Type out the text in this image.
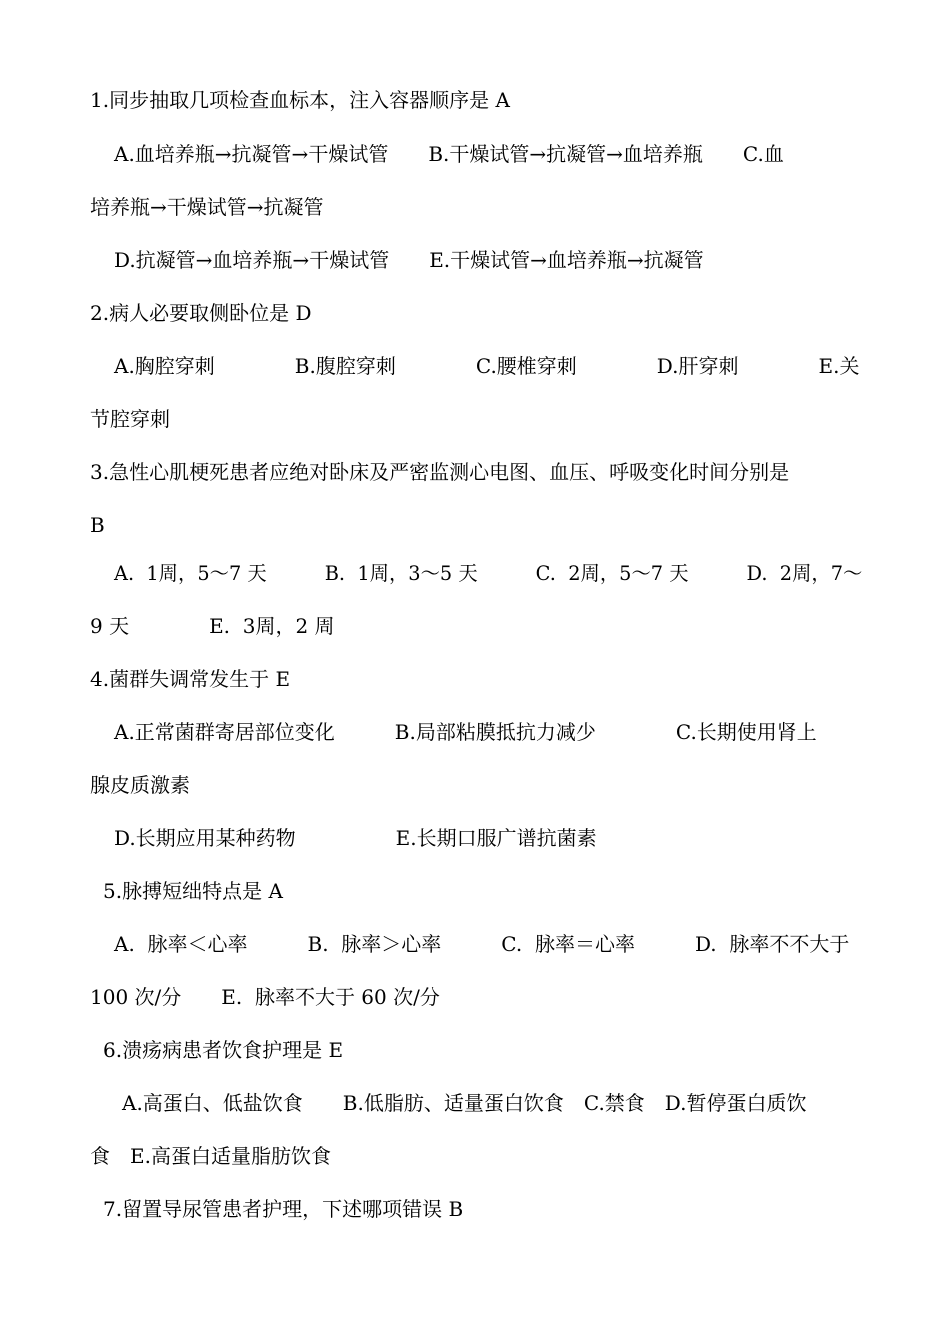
1.同步抽取几项检查血标本，注入容器顺序是 A
A.血培养瓶→抗凝管→干燥试管　　B.干燥试管→抗凝管→血培养瓶　　C.血
培养瓶→干燥试管→抗凝管
D.抗凝管→血培养瓶→干燥试管　　E.干燥试管→血培养瓶→抗凝管
2.病人必要取侧卧位是 D
A.胸腔穿刺　　　　B.腹腔穿刺　　　　C.腰椎穿刺　　　　D.肝穿刺　　　　E.关
节腔穿刺
3.急性心肌梗死患者应绝对卧床及严密监测心电图、血压、呼吸变化时间分别是
B
A.  1周，5～7 天　　　B.  1周，3～5 天　　　C.  2周，5～7 天　　　D.  2周，7～
9 天　　　　E.  3周，2 周
4.菌群失调常发生于 E
A.正常菌群寄居部位变化　　　B.局部粘膜抵抗力减少　　　　C.长期使用肾上
腺皮质激素
D.长期应用某种药物　　　　　E.长期口服广谱抗菌素
5.脉搏短绌特点是 A
A.  脉率＜心率　　　B.  脉率＞心率　　　C.  脉率＝心率　　　D.  脉率不不大于
100 次/分　　E.  脉率不大于 60 次/分
6.溃疡病患者饮食护理是 E
A.高蛋白、低盐饮食　　B.低脂肪、适量蛋白饮食　C.禁食　D.暂停蛋白质饮
食　E.高蛋白适量脂肪饮食
7.留置导尿管患者护理，下述哪项错误 B
